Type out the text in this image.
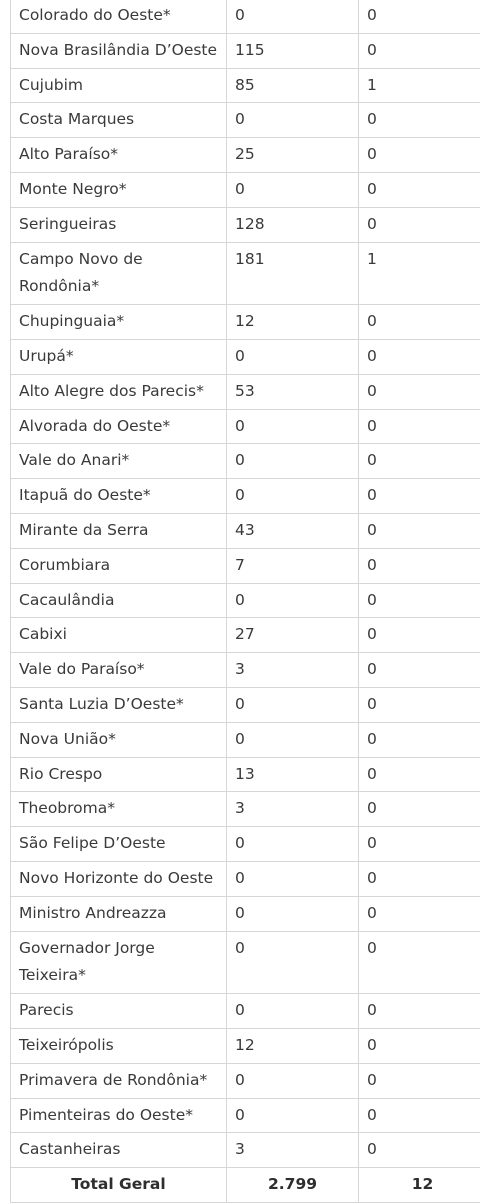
Colorado do Oeste*	0	0
Nova Brasilândia D’Oeste	115	0
Cujubim	85	1
Costa Marques	0	0
Alto Paraíso*	25	0
Monte Negro*	0	0
Seringueiras	128	0
Campo Novo de Rondônia*	181	1
Chupinguaia*	12	0
Urupá*	0	0
Alto Alegre dos Parecis*	53	0
Alvorada do Oeste*	0	0
Vale do Anari*	0	0
Itapuã do Oeste*	0	0
Mirante da Serra	43	0
Corumbiara	7	0
Cacaulândia	0	0
Cabixi	27	0
Vale do Paraíso*	3	0
Santa Luzia D’Oeste*	0	0
Nova União*	0	0
Rio Crespo	13	0
Theobroma*	3	0
São Felipe D’Oeste	0	0
Novo Horizonte do Oeste	0	0
Ministro Andreazza	0	0
Governador Jorge Teixeira*	0	0
Parecis	0	0
Teixeirópolis	12	0
Primavera de Rondônia*	0	0
Pimenteiras do Oeste*	0	0
Castanheiras	3	0
Total Geral	2.799	12
